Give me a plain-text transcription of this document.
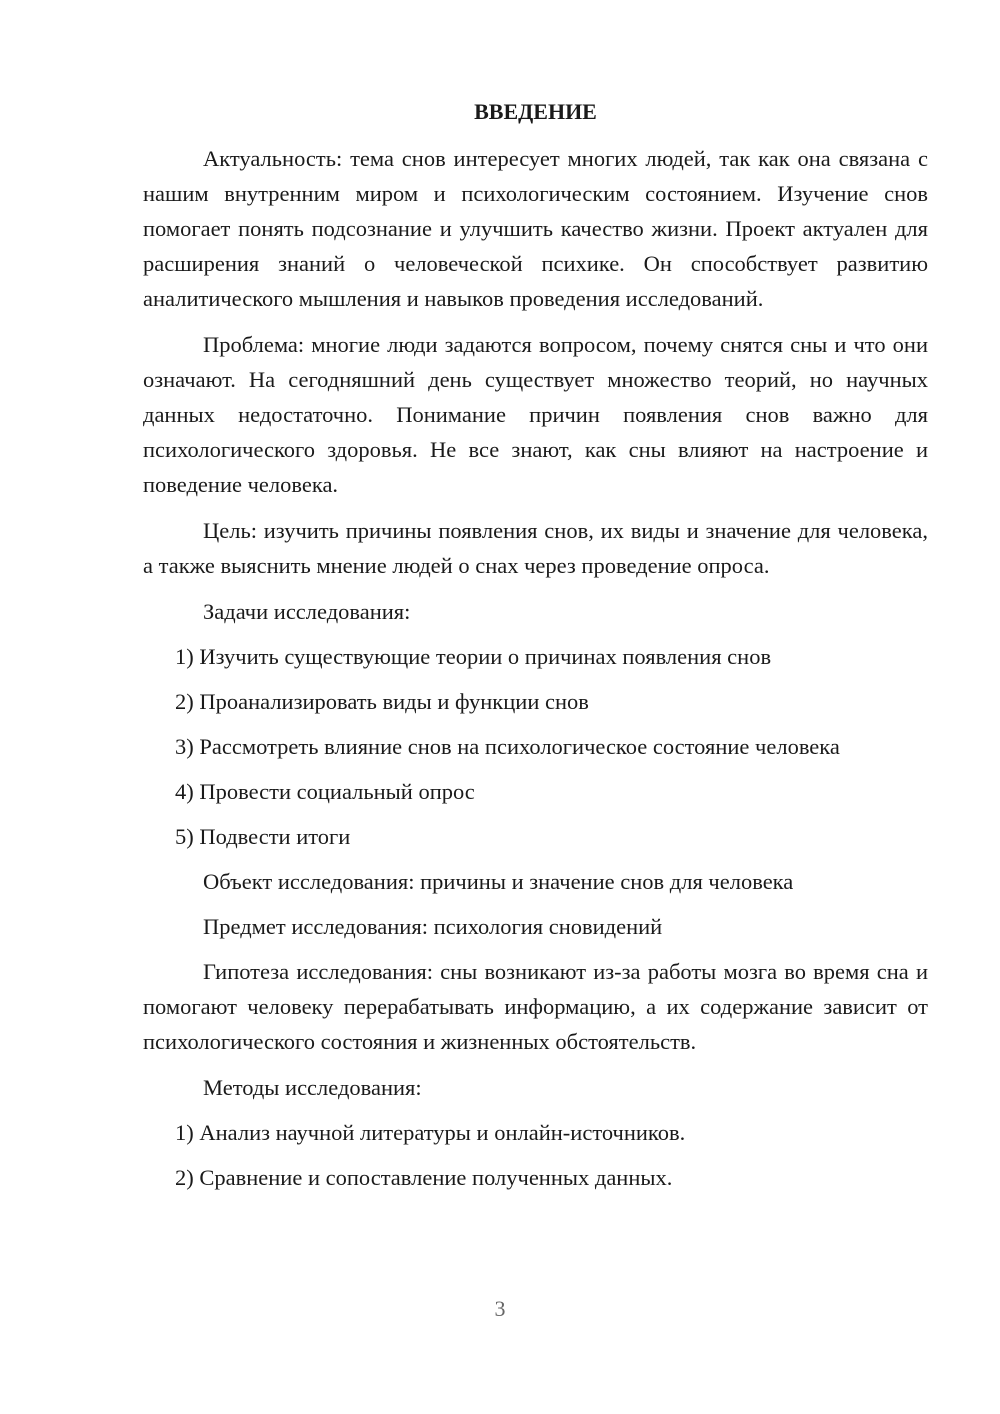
ВВЕДЕНИЕ
Актуальность: тема снов интересует многих людей, так как она связана с нашим внутренним миром и психологическим состоянием. Изучение снов помогает понять подсознание и улучшить качество жизни. Проект актуален для расширения знаний о человеческой психике. Он способствует развитию аналитического мышления и навыков проведения исследований.
Проблема: многие люди задаются вопросом, почему снятся сны и что они означают. На сегодняшний день существует множество теорий, но научных данных недостаточно. Понимание причин появления снов важно для психологического здоровья. Не все знают, как сны влияют на настроение и поведение человека.
Цель: изучить причины появления снов, их виды и значение для человека, а также выяснить мнение людей о снах через проведение опроса.
Задачи исследования:
1) Изучить существующие теории о причинах появления снов
2) Проанализировать виды и функции снов
3) Рассмотреть влияние снов на психологическое состояние человека
4) Провести социальный опрос
5) Подвести итоги
Объект исследования: причины и значение снов для человека
Предмет исследования: психология сновидений
Гипотеза исследования: сны возникают из-за работы мозга во время сна и помогают человеку перерабатывать информацию, а их содержание зависит от психологического состояния и жизненных обстоятельств.
Методы исследования:
1) Анализ научной литературы и онлайн-источников.
2) Сравнение и сопоставление полученных данных.
3
